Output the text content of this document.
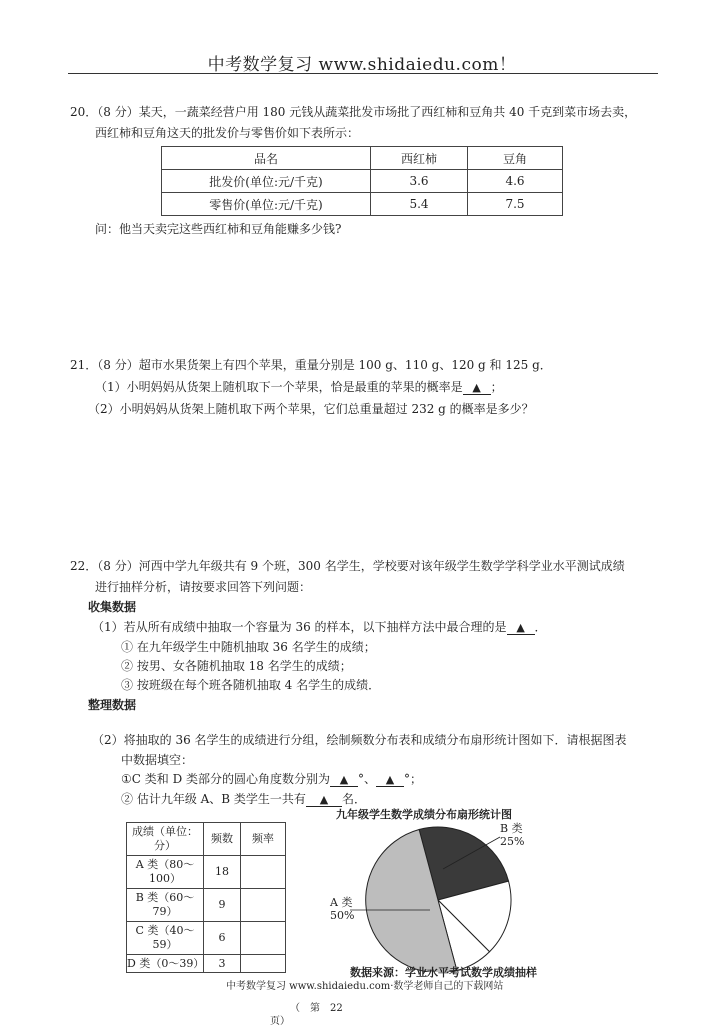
中考数学复习 www.shidaiedu.com！
20．（8 分）某天，一蔬菜经营户用 180 元钱从蔬菜批发市场批了西红柿和豆角共 40 千克到菜市场去卖，
西红柿和豆角这天的批发价与零售价如下表所示：
品名	西红柿	豆角
批发价(单位:元/千克)	3.6	4.6
零售价(单位:元/千克)	5.4	7.5
问：他当天卖完这些西红柿和豆角能赚多少钱?
21．（8 分）超市水果货架上有四个苹果，重量分别是 100 g、110 g、120 g 和 125 g．
（1）小明妈妈从货架上随机取下一个苹果，恰是最重的苹果的概率是 ▲ ；
（2）小明妈妈从货架上随机取下两个苹果，它们总重量超过 232 g 的概率是多少？
22．（8 分）河西中学九年级共有 9 个班，300 名学生，学校要对该年级学生数学学科学业水平测试成绩
进行抽样分析，请按要求回答下列问题：
收集数据
（1）若从所有成绩中抽取一个容量为 36 的样本，以下抽样方法中最合理的是 ▲ ．
① 在九年级学生中随机抽取 36 名学生的成绩；
② 按男、女各随机抽取 18 名学生的成绩；
③ 按班级在每个班各随机抽取 4 名学生的成绩．
整理数据
（2）将抽取的 36 名学生的成绩进行分组，绘制频数分布表和成绩分布扇形统计图如下．请根据图表
中数据填空：
①C 类和 D 类部分的圆心角度数分别为 ▲ °、 ▲ °；
② 估计九年级 A、B 类学生一共有 ▲ 名．
成绩（单位：分）	频数	频率
A 类（80～100）	18	
B 类（60～79）	9	
C 类（40～59）	6	
D 类（0～39）	3	
九年级学生数学成绩分布扇形统计图
B 类
25%
A 类
50%
数据来源：学业水平考试数学成绩抽样
中考数学复习 www.shidaiedu.com·数学老师自己的下载网站
（　第　22
页）
